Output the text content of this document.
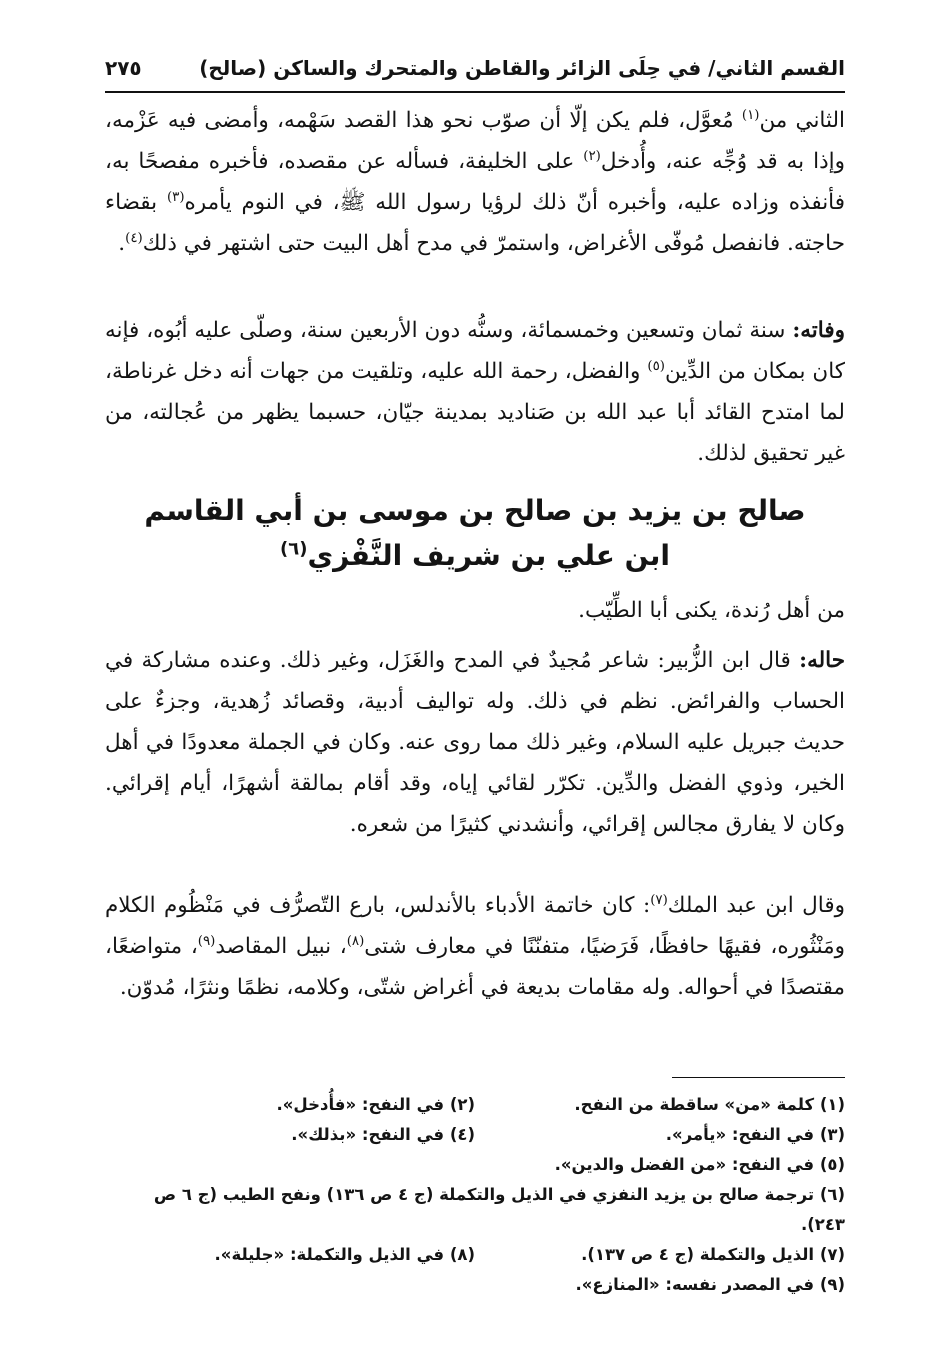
القسم الثاني/ في حِلَى الزائر والقاطن والمتحرك والساكن (صالح)
٢٧٥

الثاني من$^{(١)}$ مُعوَّل، فلم يكن إلّا أن صوّب نحو هذا القصد سَهْمه، وأمضى فيه عَزْمه، وإذا به قد وُجِّه عنه، وأُدخل$^{(٢)}$ على الخليفة، فسأله عن مقصده، فأخبره مفصحًا به، فأنفذه وزاده عليه، وأخبره أنّ ذلك لرؤيا رسول الله ﷺ، في النوم يأمره$^{(٣)}$ بقضاء حاجته. فانفصل مُوفّى الأغراض، واستمرّ في مدح أهل البيت حتى اشتهر في ذلك$^{(٤)}$.

وفاته: سنة ثمان وتسعين وخمسمائة، وسنُّه دون الأربعين سنة، وصلّى عليه أبُوه، فإنه كان بمكان من الدِّين$^{(٥)}$ والفضل، رحمة الله عليه، وتلقيت من جهات أنه دخل غرناطة، لما امتدح القائد أبا عبد الله بن صَناديد بمدينة جيّان، حسبما يظهر من عُجالته، من غير تحقيق لذلك.

صالح بن يزيد بن صالح بن موسى بن أبي القاسم
ابن علي بن شريف النَّفْزي$^{(٦)}$

من أهل رُندة، يكنى أبا الطِّيّب.

حاله: قال ابن الزُّبير: شاعر مُجيدٌ في المدح والغَزَل، وغير ذلك. وعنده مشاركة في الحساب والفرائض. نظم في ذلك. وله تواليف أدبية، وقصائد زُهدية، وجزءٌ على حديث جبريل عليه السلام، وغير ذلك مما روى عنه. وكان في الجملة معدودًا في أهل الخير، وذوي الفضل والدِّين. تكرّر لقائي إياه، وقد أقام بمالقة أشهرًا، أيام إقرائي. وكان لا يفارق مجالس إقرائي، وأنشدني كثيرًا من شعره.

وقال ابن عبد الملك$^{(٧)}$: كان خاتمة الأدباء بالأندلس، بارع التّصرُّف في مَنْظُوم الكلام ومَنْثُوره، فقيهًا حافظًا، فَرَضيًا، متفنّنًا في معارف شتى$^{(٨)}$، نبيل المقاصد$^{(٩)}$، متواضعًا، مقتصدًا في أحواله. وله مقامات بديعة في أغراض شتّى، وكلامه، نظمًا ونثرًا، مُدوّن.

(١) كلمة «من» ساقطة من النفح.
(٢) في النفح: «فأُدخل».
(٣) في النفح: «يأمر».
(٤) في النفح: «بذلك».
(٥) في النفح: «من الفضل والدين».
(٦) ترجمة صالح بن يزيد النفزي في الذيل والتكملة (ج ٤ ص ١٣٦) ونفح الطيب (ج ٦ ص ٢٤٣).
(٧) الذيل والتكملة (ج ٤ ص ١٣٧).
(٨) في الذيل والتكملة: «جليلة».
(٩) في المصدر نفسه: «المنازع».
